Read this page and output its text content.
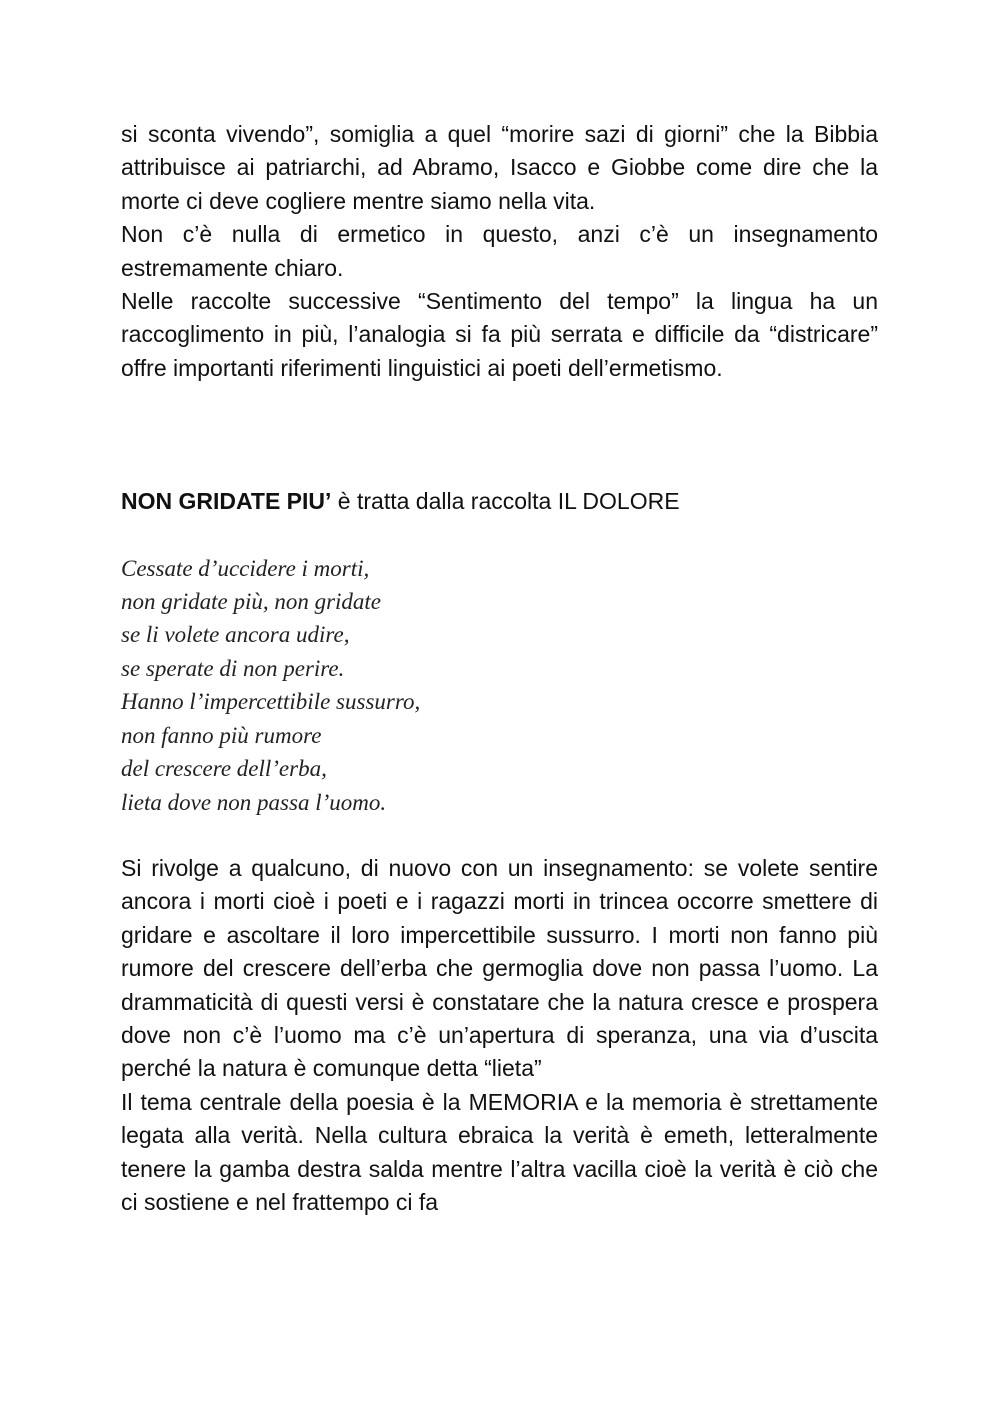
si sconta vivendo”, somiglia a quel “morire sazi di giorni” che la Bibbia attribuisce ai patriarchi, ad Abramo, Isacco e Giobbe come dire che la morte ci deve cogliere mentre siamo nella vita.

Non c’è nulla di ermetico in questo, anzi c’è un insegnamento estremamente chiaro.

Nelle raccolte successive “Sentimento del tempo” la lingua ha un raccoglimento in più, l’analogia si fa più serrata e difficile da “districare” offre importanti riferimenti linguistici ai poeti dell’ermetismo.

NON GRIDATE PIU’ è tratta dalla raccolta IL DOLORE

Cessate d’uccidere i morti,
non gridate più, non gridate
se li volete ancora udire,
se sperate di non perire.
Hanno l’impercettibile sussurro,
non fanno più rumore
del crescere dell’erba,
lieta dove non passa l’uomo.

Si rivolge a qualcuno, di nuovo con un insegnamento: se volete sentire ancora i morti cioè i poeti e i ragazzi morti in trincea occorre smettere di gridare e ascoltare il loro impercettibile sussurro. I morti non fanno più rumore del crescere dell’erba che germoglia dove non passa l’uomo. La drammaticità di questi versi è constatare che la natura cresce e prospera dove non c’è l’uomo ma c’è un’apertura di speranza, una via d’uscita perché la natura è comunque detta “lieta”

Il tema centrale della poesia è la MEMORIA e la memoria è strettamente legata alla verità. Nella cultura ebraica la verità è emeth, letteralmente tenere la gamba destra salda mentre l’altra vacilla cioè la verità è ciò che ci sostiene e nel frattempo ci fa
